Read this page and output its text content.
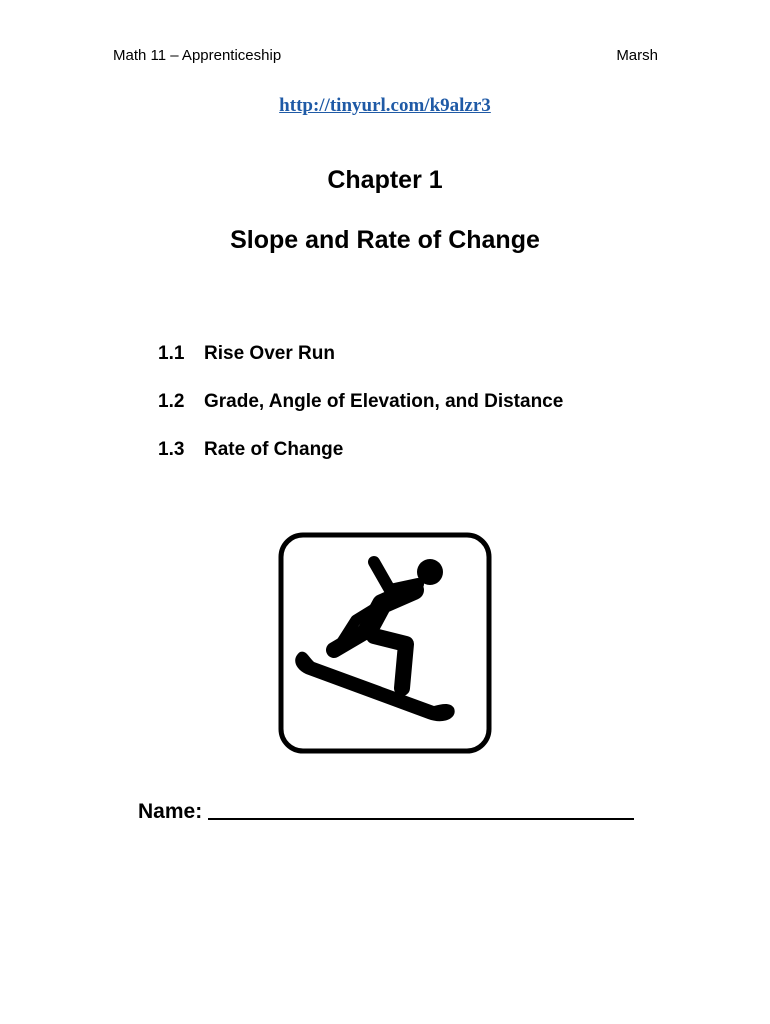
Math 11 – Apprenticeship	Marsh
http://tinyurl.com/k9alzr3
Chapter 1
Slope and Rate of Change
1.1 Rise Over Run
1.2 Grade, Angle of Elevation, and Distance
1.3 Rate of Change
Name:
